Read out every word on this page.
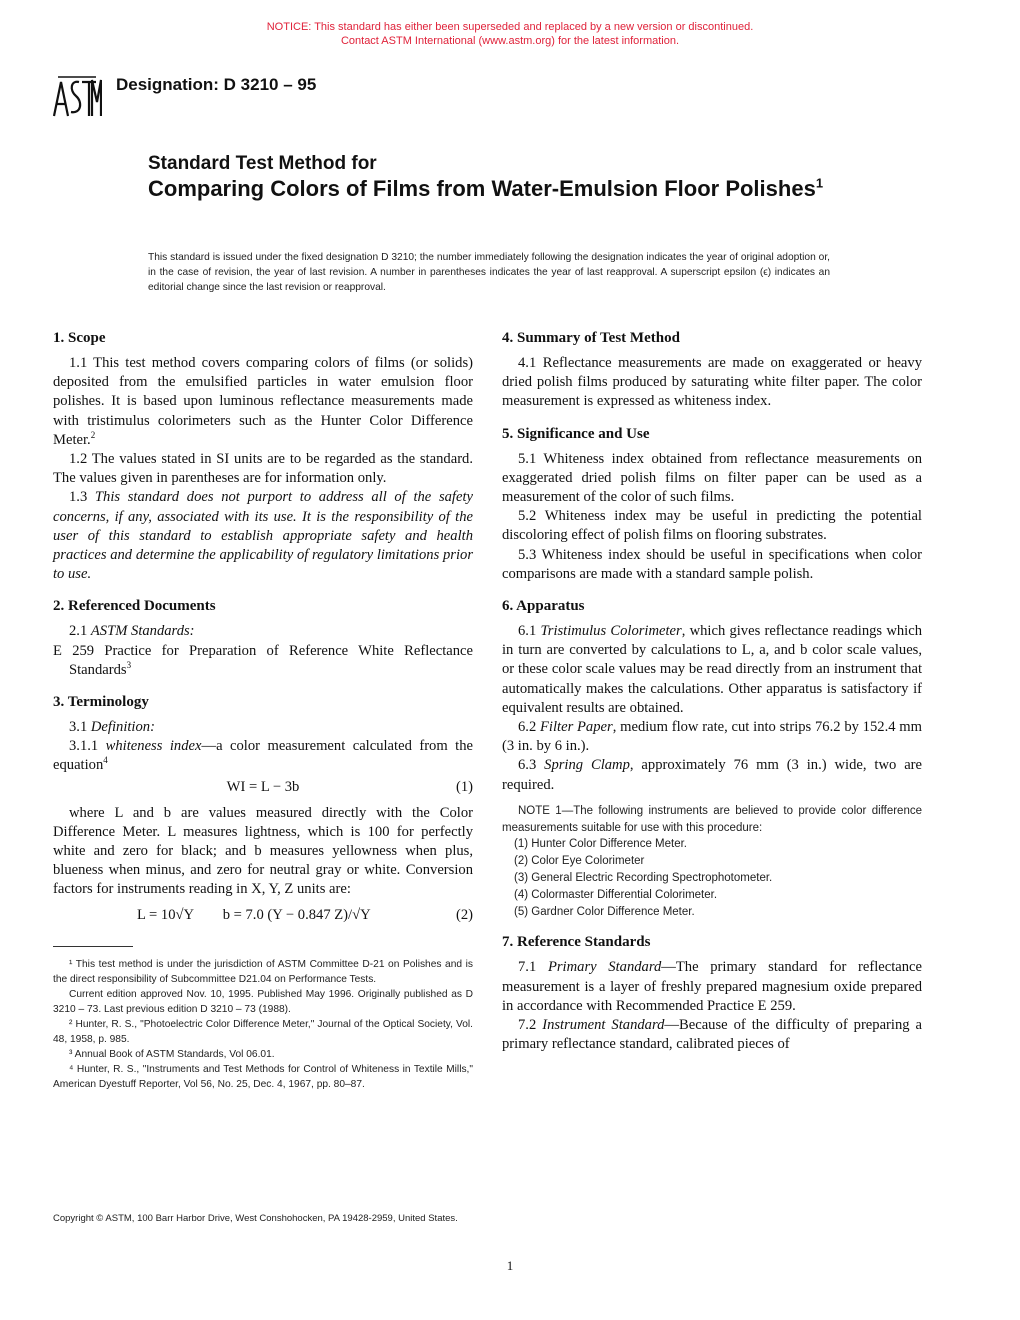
NOTICE: This standard has either been superseded and replaced by a new version or discontinued.
Contact ASTM International (www.astm.org) for the latest information.
Designation: D 3210 – 95
Standard Test Method for
Comparing Colors of Films from Water-Emulsion Floor Polishes$^1$
This standard is issued under the fixed designation D 3210; the number immediately following the designation indicates the year of original adoption or, in the case of revision, the year of last revision. A number in parentheses indicates the year of last reapproval. A superscript epsilon (ϵ) indicates an editorial change since the last revision or reapproval.
1. Scope

1.1 This test method covers comparing colors of films (or solids) deposited from the emulsified particles in water emulsion floor polishes. It is based upon luminous reflectance measurements made with tristimulus colorimeters such as the Hunter Color Difference Meter.$^2$

1.2 The values stated in SI units are to be regarded as the standard. The values given in parentheses are for information only.

1.3 This standard does not purport to address all of the safety concerns, if any, associated with its use. It is the responsibility of the user of this standard to establish appropriate safety and health practices and determine the applicability of regulatory limitations prior to use.

2. Referenced Documents

2.1 ASTM Standards:

E 259 Practice for Preparation of Reference White Reflectance Standards$^3$

3. Terminology

3.1 Definition:

3.1.1 whiteness index—a color measurement calculated from the equation$^4$

WI = L − 3b	(1)

where L and b are values measured directly with the Color Difference Meter. L measures lightness, which is 100 for perfectly white and zero for black; and b measures yellowness when plus, blueness when minus, and zero for neutral gray or white. Conversion factors for instruments reading in X, Y, Z units are:

L = 10√Y        b = 7.0 (Y − 0.847 Z)/√Y	(2)

¹ This test method is under the jurisdiction of ASTM Committee D-21 on Polishes and is the direct responsibility of Subcommittee D21.04 on Performance Tests.

Current edition approved Nov. 10, 1995. Published May 1996. Originally published as D 3210 – 73. Last previous edition D 3210 – 73 (1988).

² Hunter, R. S., "Photoelectric Color Difference Meter," Journal of the Optical Society, Vol. 48, 1958, p. 985.

³ Annual Book of ASTM Standards, Vol 06.01.

⁴ Hunter, R. S., "Instruments and Test Methods for Control of Whiteness in Textile Mills," American Dyestuff Reporter, Vol 56, No. 25, Dec. 4, 1967, pp. 80–87.

4. Summary of Test Method

4.1 Reflectance measurements are made on exaggerated or heavy dried polish films produced by saturating white filter paper. The color measurement is expressed as whiteness index.

5. Significance and Use

5.1 Whiteness index obtained from reflectance measurements on exaggerated dried polish films on filter paper can be used as a measurement of the color of such films.

5.2 Whiteness index may be useful in predicting the potential discoloring effect of polish films on flooring substrates.

5.3 Whiteness index should be useful in specifications when color comparisons are made with a standard sample polish.

6. Apparatus

6.1 Tristimulus Colorimeter, which gives reflectance readings which in turn are converted by calculations to L, a, and b color scale values, or these color scale values may be read directly from an instrument that automatically makes the calculations. Other apparatus is satisfactory if equivalent results are obtained.

6.2 Filter Paper, medium flow rate, cut into strips 76.2 by 152.4 mm (3 in. by 6 in.).

6.3 Spring Clamp, approximately 76 mm (3 in.) wide, two are required.

NOTE 1—The following instruments are believed to provide color difference measurements suitable for use with this procedure:

(1) Hunter Color Difference Meter.
(2) Color Eye Colorimeter
(3) General Electric Recording Spectrophotometer.
(4) Colormaster Differential Colorimeter.
(5) Gardner Color Difference Meter.
7. Reference Standards

7.1 Primary Standard—The primary standard for reflectance measurement is a layer of freshly prepared magnesium oxide prepared in accordance with Recommended Practice E 259.

7.2 Instrument Standard—Because of the difficulty of preparing a primary reflectance standard, calibrated pieces of

Copyright © ASTM, 100 Barr Harbor Drive, West Conshohocken, PA 19428-2959, United States.
1
